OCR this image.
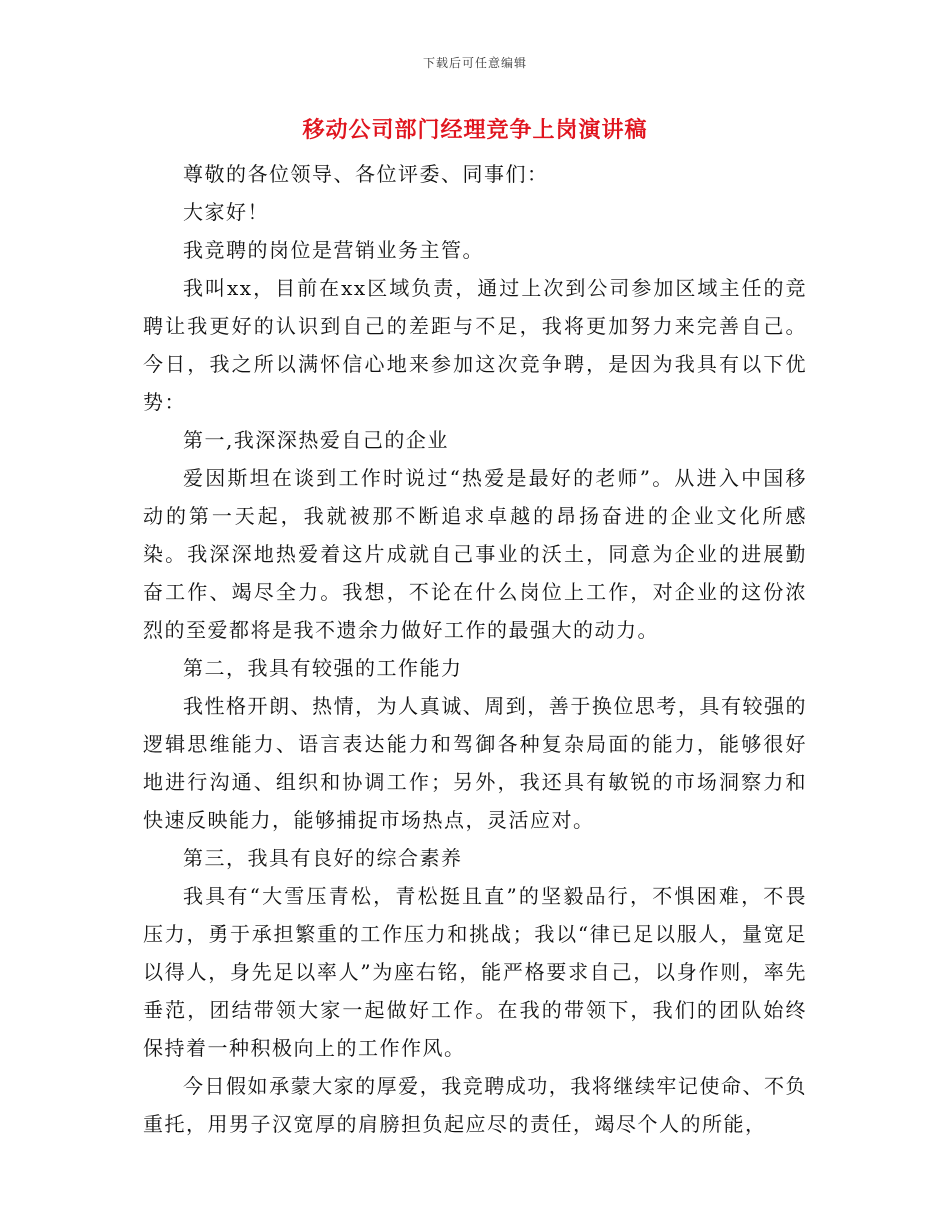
下载后可任意编辑
移动公司部门经理竞争上岗演讲稿

尊敬的各位领导、各位评委、同事们：

大家好！

我竞聘的岗位是营销业务主管。

我叫xx，目前在xx区域负责，通过上次到公司参加区域主任的竞聘让我更好的认识到自己的差距与不足，我将更加努力来完善自己。今日，我之所以满怀信心地来参加这次竞争聘，是因为我具有以下优势：

第一,我深深热爱自己的企业

爱因斯坦在谈到工作时说过“热爱是最好的老师”。从进入中国移动的第一天起，我就被那不断追求卓越的昂扬奋进的企业文化所感染。我深深地热爱着这片成就自己事业的沃土，同意为企业的进展勤奋工作、竭尽全力。我想，不论在什么岗位上工作，对企业的这份浓烈的至爱都将是我不遗余力做好工作的最强大的动力。

第二，我具有较强的工作能力

我性格开朗、热情，为人真诚、周到，善于换位思考，具有较强的逻辑思维能力、语言表达能力和驾御各种复杂局面的能力，能够很好地进行沟通、组织和协调工作；另外，我还具有敏锐的市场洞察力和快速反映能力，能够捕捉市场热点，灵活应对。

第三，我具有良好的综合素养

我具有“大雪压青松，青松挺且直”的坚毅品行，不惧困难，不畏压力，勇于承担繁重的工作压力和挑战；我以“律已足以服人，量宽足以得人，身先足以率人”为座右铭，能严格要求自己，以身作则，率先垂范，团结带领大家一起做好工作。在我的带领下，我们的团队始终保持着一种积极向上的工作作风。

今日假如承蒙大家的厚爱，我竞聘成功，我将继续牢记使命、不负重托，用男子汉宽厚的肩膀担负起应尽的责任，竭尽个人的所能，
